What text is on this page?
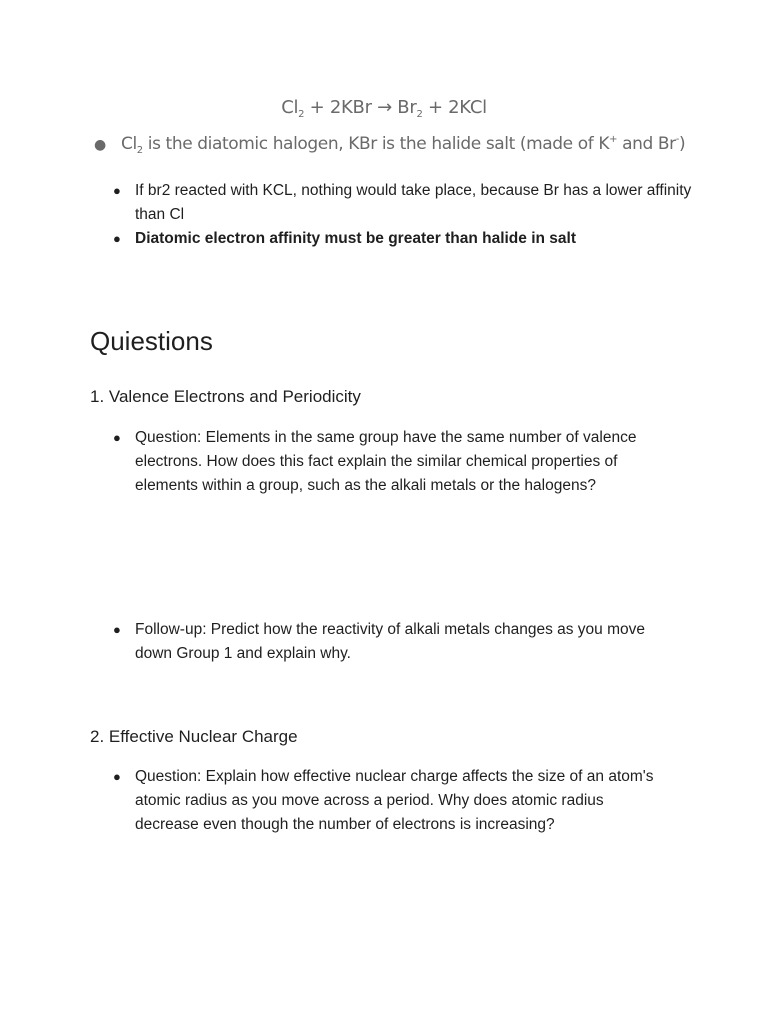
$Cl_2 + 2KBr \to Br_2 + 2KCl$
● $Cl_2$ is the diatomic halogen, KBr is the halide salt (made of K+ and Br-)
● If br2 reacted with KCL, nothing would take place, because Br has a lower affinity than Cl
● Diatomic electron affinity must be greater than halide in salt
Quiestions
1. Valence Electrons and Periodicity
● Question: Elements in the same group have the same number of valence electrons. How does this fact explain the similar chemical properties of elements within a group, such as the alkali metals or the halogens?
● Follow-up: Predict how the reactivity of alkali metals changes as you move down Group 1 and explain why.
2. Effective Nuclear Charge
● Question: Explain how effective nuclear charge affects the size of an atom's atomic radius as you move across a period. Why does atomic radius decrease even though the number of electrons is increasing?
